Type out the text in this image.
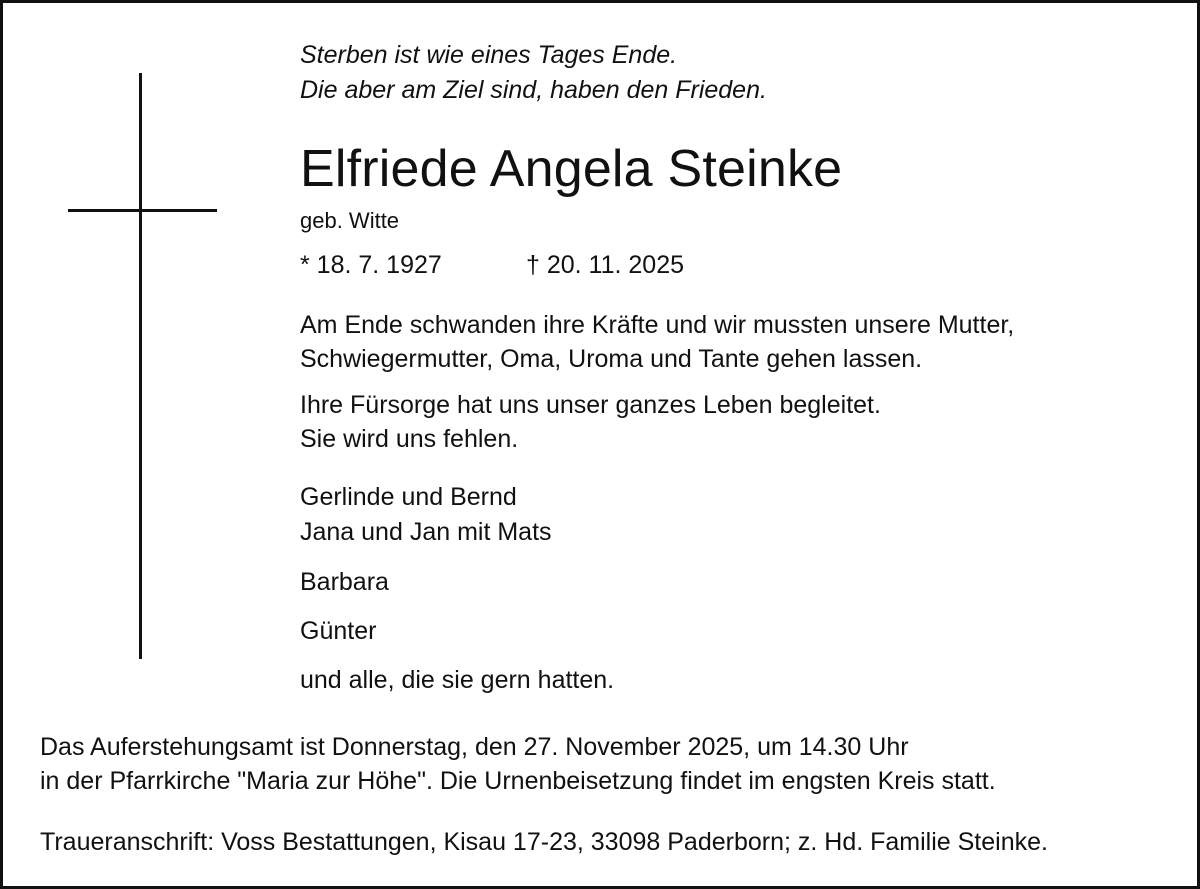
Sterben ist wie eines Tages Ende.
Die aber am Ziel sind, haben den Frieden.
Elfriede Angela Steinke
geb. Witte
* 18. 7. 1927	† 20. 11. 2025
Am Ende schwanden ihre Kräfte und wir mussten unsere Mutter,
Schwiegermutter, Oma, Uroma und Tante gehen lassen.
Ihre Fürsorge hat uns unser ganzes Leben begleitet.
Sie wird uns fehlen.
Gerlinde und Bernd
Jana und Jan mit Mats
Barbara
Günter
und alle, die sie gern hatten.
Das Auferstehungsamt ist Donnerstag, den 27. November 2025, um 14.30 Uhr
in der Pfarrkirche "Maria zur Höhe". Die Urnenbeisetzung findet im engsten Kreis statt.
Traueranschrift: Voss Bestattungen, Kisau 17-23, 33098 Paderborn; z. Hd. Familie Steinke.
